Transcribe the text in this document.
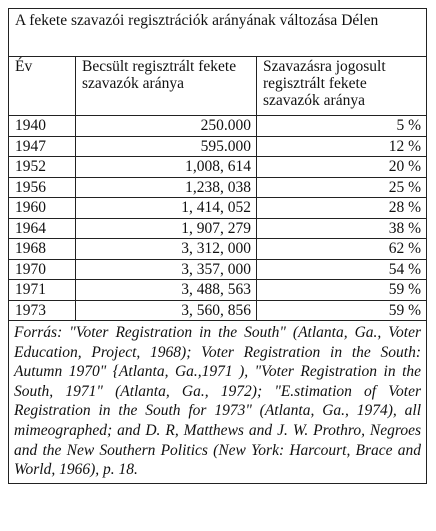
A fekete szavazói regisztrációk arányának változása Délen		
Év	Becsült regisztrált fekete szavazók aránya	Szavazásra jogosult regisztrált fekete szavazók aránya
1940	250.000	5 %
1947	595.000	12 %
1952	1,008, 614	20 %
1956	1,238, 038	25 %
1960	1, 414, 052	28 %
1964	1, 907, 279	38 %
1968	3, 312, 000	62 %
1970	3, 357, 000	54 %
1971	3, 488, 563	59 %
1973	3, 560, 856	59 %
Forrás: "Voter Registration in the South" (Atlanta, Ga., Voter Education, Project, 1968); Voter Registration in the South: Autumn 1970" {Atlanta, Ga.,1971 ), "Voter Registration in the South, 1971" (Atlanta, Ga., 1972); "E.stimation of Voter Registration in the South for 1973" (Atlanta, Ga., 1974), all mimeographed; and D. R, Matthews and J. W. Prothro, Negroes and the New Southern Politics (New York: Harcourt, Brace and World, 1966), p. 18.		
